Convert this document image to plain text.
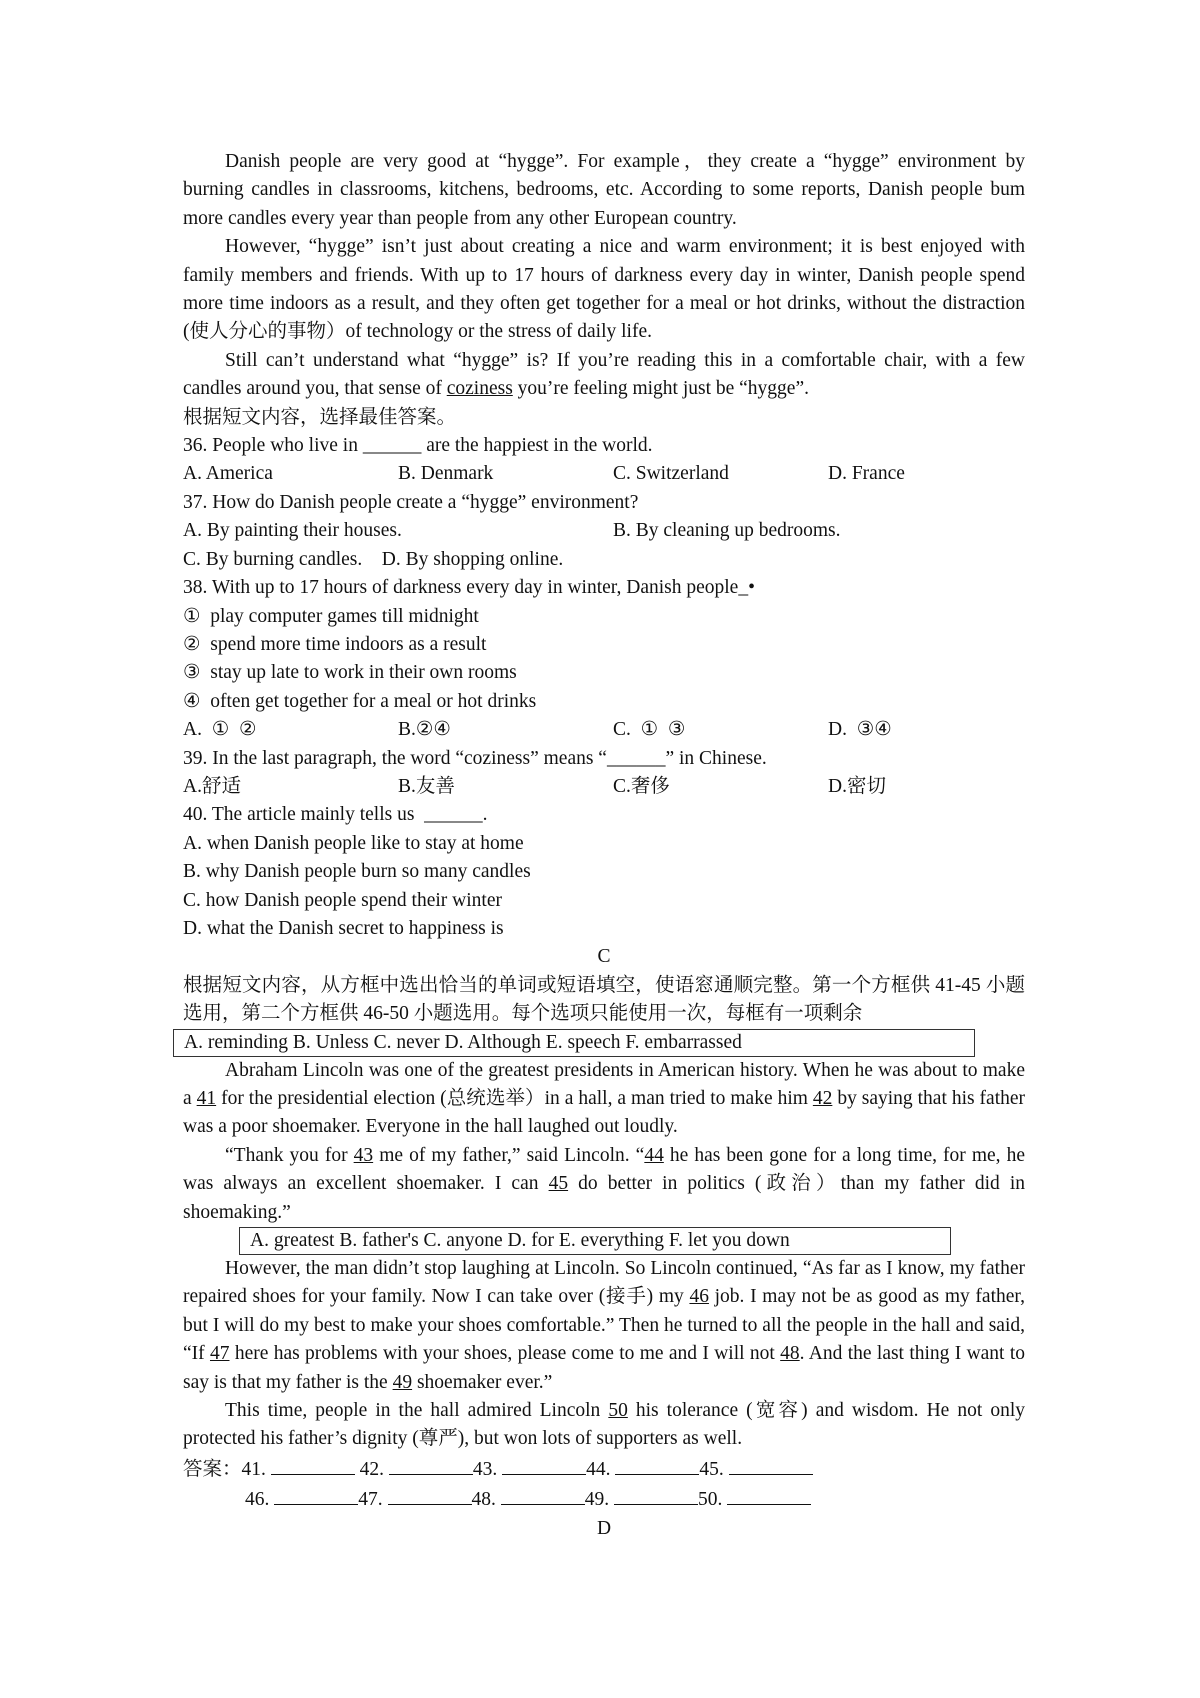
Danish people are very good at “hygge”. For example，they create a “hygge” environment by burning candles in classrooms, kitchens, bedrooms, etc. According to some reports, Danish people bum more candles every year than people from any other European country.

However, “hygge” isn’t just about creating a nice and warm environment; it is best enjoyed with family members and friends. With up to 17 hours of darkness every day in winter, Danish people spend more time indoors as a result, and they often get together for a meal or hot drinks, without the distraction (使人分心的事物）of technology or the stress of daily life.

Still can’t understand what “hygge” is? If you’re reading this in a comfortable chair, with a few candles around you, that sense of coziness you’re feeling might just be “hygge”.

根据短文内容，选择最佳答案。

36. People who live in ______ are the happiest in the world.

A. America	B. Denmark	C. Switzerland	D. France

37. How do Danish people create a “hygge” environment?

A. By painting their houses.	B. By cleaning up bedrooms.

C. By burning candles.    D. By shopping online.

38. With up to 17 hours of darkness every day in winter, Danish people_•

①  play computer games till midnight

②  spend more time indoors as a result

③  stay up late to work in their own rooms

④  often get together for a meal or hot drinks

A.  ①  ②	B.②④	C.  ①  ③	D.  ③④

39. In the last paragraph, the word “coziness” means “______” in Chinese.

A.舒适	B.友善	C.奢侈	D.密切

40. The article mainly tells us  ______.

A. when Danish people like to stay at home

B. why Danish people burn so many candles

C. how Danish people spend their winter

D. what the Danish secret to happiness is

C

根据短文内容，从方框中选出恰当的单词或短语填空，使语窓通顺完整。第一个方框供 41-45 小题选用，第二个方框供 46-50 小题选用。每个选项只能使用一次，每框有一项剩余

A. reminding B. Unless C. never D. Although E. speech F. embarrassed

Abraham Lincoln was one of the greatest presidents in American history. When he was about to make a 41 for the presidential election (总统选举）in a hall, a man tried to make him 42 by saying that his father was a poor shoemaker. Everyone in the hall laughed out loudly.

“Thank you for 43 me of my father,” said Lincoln. “44 he has been gone for a long time, for me, he was always an excellent shoemaker. I can 45 do better in politics (政治）than my father did in shoemaking.”

A. greatest B. father's C. anyone D. for E. everything F. let you down

However, the man didn’t stop laughing at Lincoln. So Lincoln continued, “As far as I know, my father repaired shoes for your family. Now I can take over (接手) my 46 job. I may not be as good as my father, but I will do my best to make your shoes comfortable.” Then he turned to all the people in the hall and said, “If 47 here has problems with your shoes, please come to me and I will not 48. And the last thing I want to say is that my father is the 49 shoemaker ever.”

This time, people in the hall admired Lincoln 50 his tolerance (宽容) and wisdom. He not only protected his father’s dignity (尊严), but won lots of supporters as well.

答案：41.	42.	43.	44.	45.

46.	47.	48.	49.	50.

D
